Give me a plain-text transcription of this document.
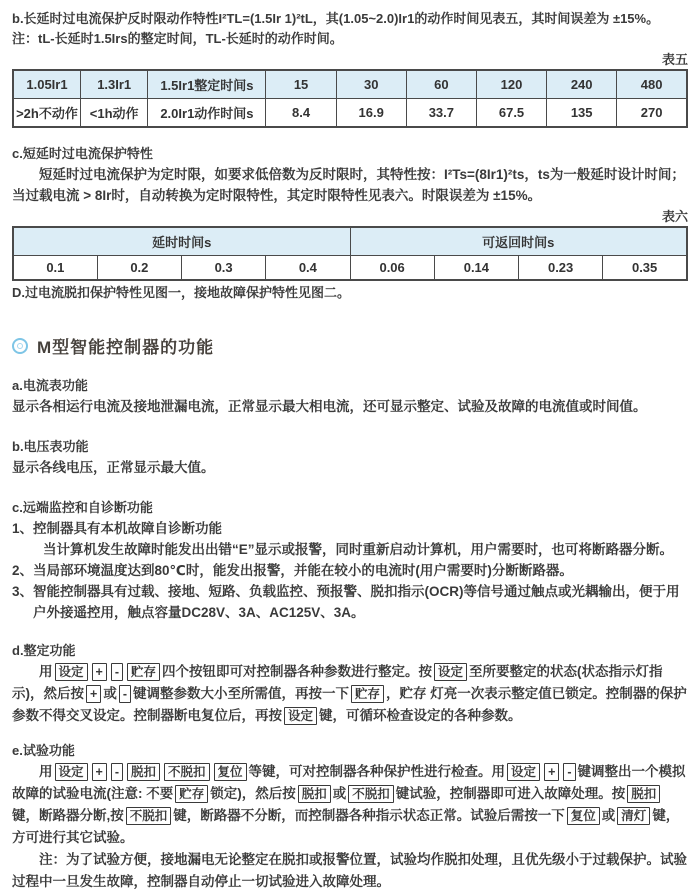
b.长延时过电流保护反时限动作特性I²TL=(1.5Ir 1)²tL，其(1.05~2.0)Ir1的动作时间见表五，其时间误差为 ±15%。

注：tL-长延时1.5Irs的整定时间，TL-长延时的动作时间。

表五

1.05Ir1	1.3Ir1	1.5Ir1整定时间s	15	30	60	120	240	480
>2h不动作	<1h动作	2.0Ir1动作时间s	8.4	16.9	33.7	67.5	135	270

c.短延时过电流保护特性

短延时过电流保护为定时限，如要求低倍数为反时限时，其特性按：I²Ts=(8Ir1)²ts，ts为一般延时设计时间；当过载电流 > 8Ir时，自动转换为定时限特性，其定时限特性见表六。时限误差为 ±15%。

表六

延时时间s				可返回时间s			
0.1	0.2	0.3	0.4	0.06	0.14	0.23	0.35

D.过电流脱扣保护特性见图一，接地故障保护特性见图二。

M型智能控制器的功能

a.电流表功能

显示各相运行电流及接地泄漏电流，正常显示最大相电流，还可显示整定、试验及故障的电流值或时间值。

b.电压表功能

显示各线电压，正常显示最大值。

c.远端监控和自诊断功能

1、控制器具有本机故障自诊断功能

当计算机发生故障时能发出出错“E”显示或报警，同时重新启动计算机，用户需要时，也可将断路器分断。

2、当局部环境温度达到80℃时，能发出报警，并能在较小的电流时(用户需要时)分断断路器。

3、智能控制器具有过载、接地、短路、负载监控、预报警、脱扣指示(OCR)等信号通过触点或光耦输出，便于用户外接遥控用，触点容量DC28V、3A、AC125V、3A。

d.整定功能

用 设定 + - 贮存 四个按钮即可对控制器各种参数进行整定。按 设定 至所要整定的状态(状态指示灯指示)，然后按 + 或 - 键调整参数大小至所需值，再按一下 贮存 ，贮存 灯亮一次表示整定值已锁定。控制器的保护参数不得交叉设定。控制器断电复位后，再按 设定 键，可循环检查设定的各种参数。

e.试验功能

用 设定 + - 脱扣 不脱扣 复位 等键，可对控制器各种保护性进行检查。用 设定 + - 键调整出一个模拟故障的试验电流(注意: 不要 贮存 锁定)，然后按 脱扣 或 不脱扣 键试验，控制器即可进入故障处理。按 脱扣键，断路器分断,按 不脱扣 键，断路器不分断，而控制器各种指示状态正常。试验后需按一下 复位 或 清灯 键，方可进行其它试验。

注：为了试验方便，接地漏电无论整定在脱扣或报警位置，试验均作脱扣处理，且优先级小于过载保护。试验过程中一旦发生故障，控制器自动停止一切试验进入故障处理。
